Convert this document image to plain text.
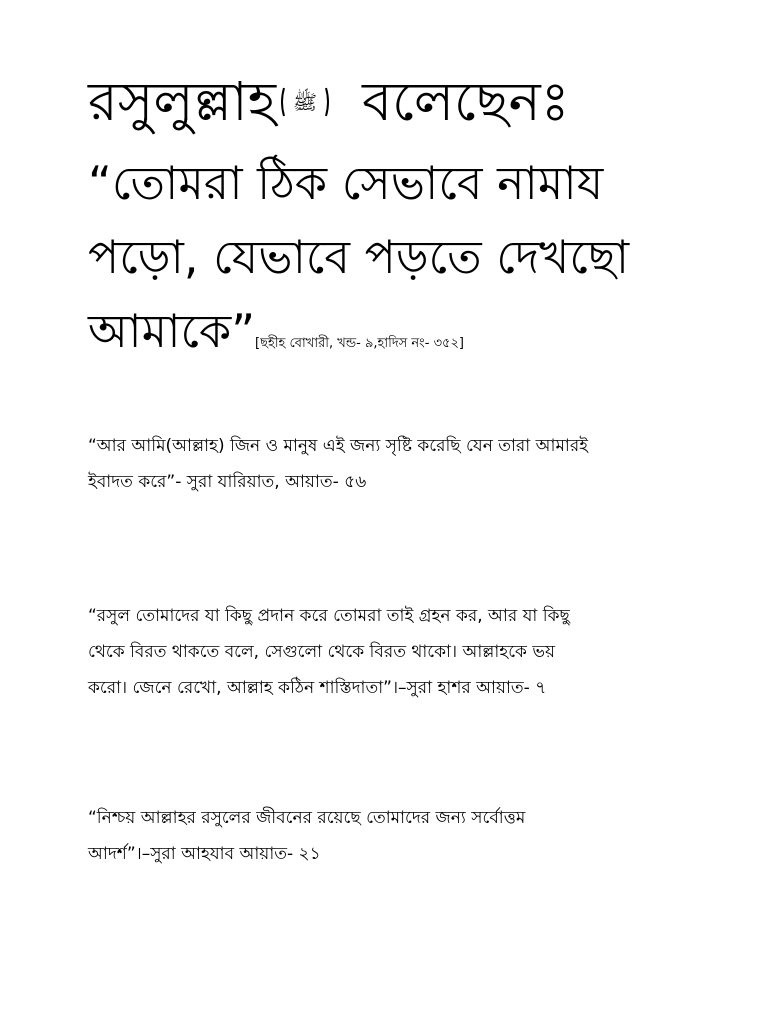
রসুলুল্লাহ ﷺ বলেছেনঃ
“তোমরা ঠিক সেভাবে নামায
পড়ো, যেভাবে পড়তে দেখছো
আমাকে”[ছহীহ বোখারী, খন্ড- ৯,হাদিস নং- ৩৫২]
“আর আমি(আল্লাহ) জিন ও মানুষ এই জন্য সৃষ্টি করেছি যেন তারা আমারই
ইবাদত করে”- সুরা যারিয়াত, আয়াত- ৫৬
“রসুল তোমাদের যা কিছু প্রদান করে তোমরা তাই গ্রহন কর, আর যা কিছু
থেকে বিরত থাকতে বলে, সেগুলো থেকে বিরত থাকো। আল্লাহকে ভয়
করো। জেনে রেখো, আল্লাহ কঠিন শাস্তিদাতা”।–সুরা হাশর আয়াত- ৭
“নিশ্চয় আল্লাহর রসুলের জীবনের রয়েছে তোমাদের জন্য সর্বোত্তম
আদর্শ”।–সুরা আহযাব আয়াত- ২১
